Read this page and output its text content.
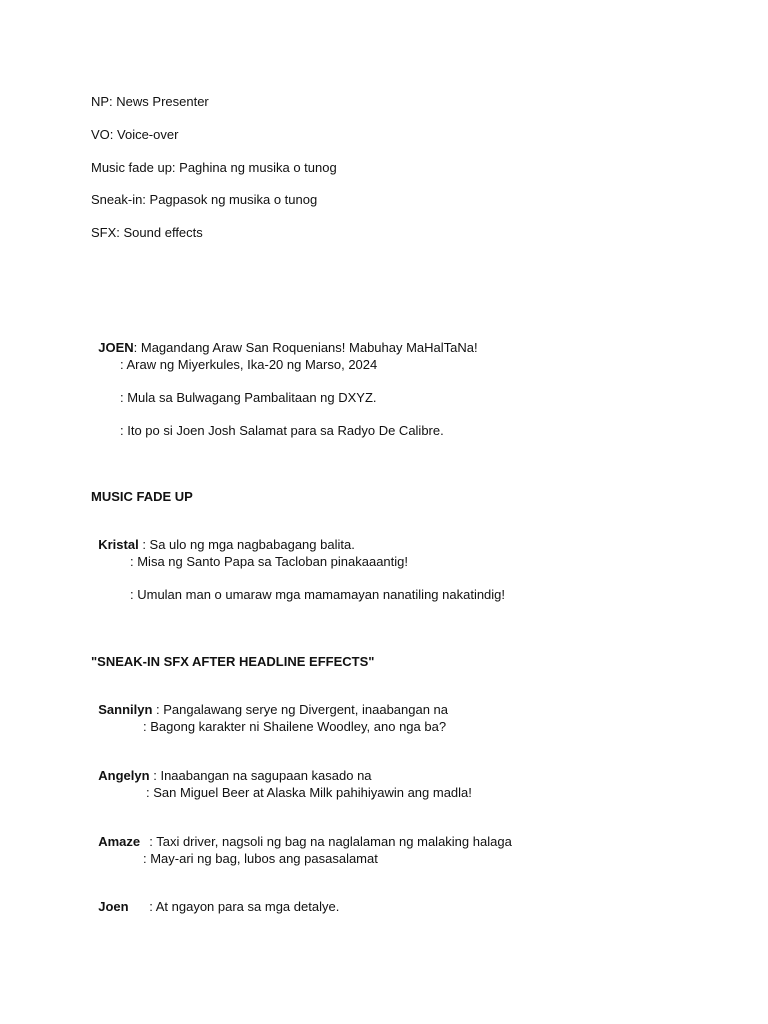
NP: News Presenter
VO: Voice-over
Music fade up: Paghina ng musika o tunog
Sneak-in: Pagpasok ng musika o tunog
SFX: Sound effects

JOEN: Magandang Araw San Roquenians! Mabuhay MaHalTaNa!

: Araw ng Miyerkules, Ika-20 ng Marso, 2024
: Mula sa Bulwagang Pambalitaan ng DXYZ.
: Ito po si Joen Josh Salamat para sa Radyo De Calibre.
MUSIC FADE UP

Kristal : Sa ulo ng mga nagbabagang balita.

: Misa ng Santo Papa sa Tacloban pinakaaantig!
: Umulan man o umaraw mga mamamayan nanatiling nakatindig!
"SNEAK-IN SFX AFTER HEADLINE EFFECTS"

Sannilyn : Pangalawang serye ng Divergent, inaabangan na

: Bagong karakter ni Shailene Woodley, ano nga ba?

Angelyn : Inaabangan na sagupaan kasado na

: San Miguel Beer at Alaska Milk pahihiyawin ang madla!

Amaze : Taxi driver, nagsoli ng bag na naglalaman ng malaking halaga

: May-ari ng bag, lubos ang pasasalamat

Joen : At ngayon para sa mga detalye.
